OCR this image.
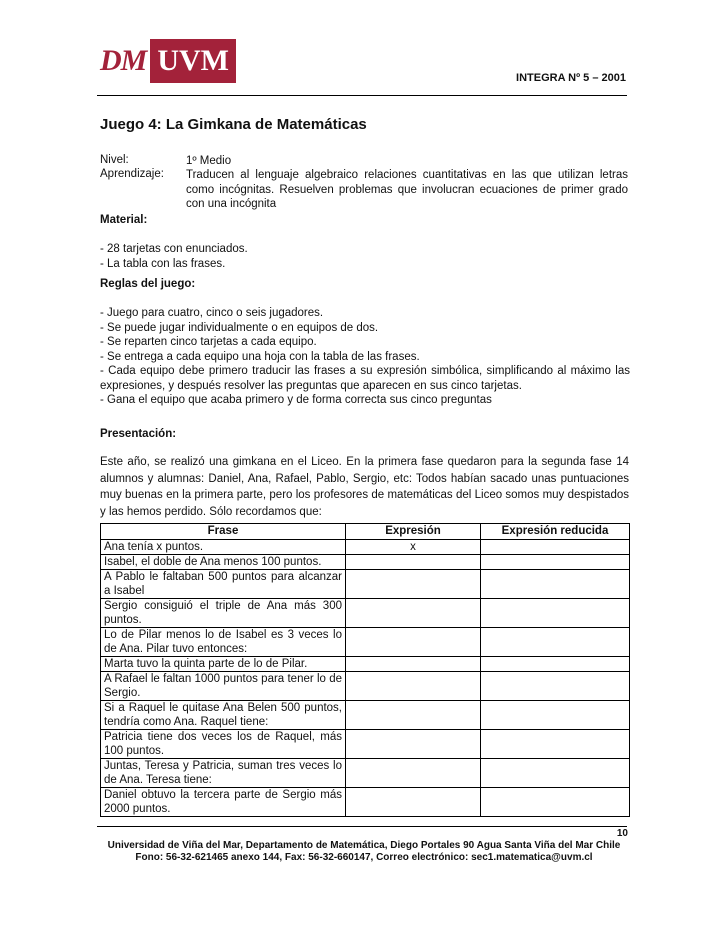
DM UVM
INTEGRA Nº 5 – 2001
Juego 4: La Gimkana de Matemáticas
Nivel:	1º Medio
Aprendizaje: Traducen al lenguaje algebraico relaciones cuantitativas en las que utilizan letras como incógnitas. Resuelven problemas que involucran ecuaciones de primer grado con una incógnita
Material:
- 28 tarjetas con enunciados.
- La tabla con las frases.
Reglas del juego:
- Juego para cuatro, cinco o seis jugadores.
- Se puede jugar individualmente o en equipos de dos.
- Se reparten cinco tarjetas a cada equipo.
- Se entrega a cada equipo una hoja con la tabla de las frases.
- Cada equipo debe primero traducir las frases a su expresión simbólica, simplificando al máximo las expresiones, y después resolver las preguntas que aparecen en sus cinco tarjetas.
- Gana el equipo que acaba primero y de forma correcta sus cinco preguntas
Presentación:

Este año, se realizó una gimkana en el Liceo. En la primera fase quedaron para la segunda fase 14 alumnos y alumnas: Daniel, Ana, Rafael, Pablo, Sergio, etc: Todos habían sacado unas puntuaciones muy buenas en la primera parte, pero los profesores de matemáticas del Liceo somos muy despistados y las hemos perdido. Sólo recordamos que:

Frase	Expresión	Expresión reducida
Ana tenía x puntos.	x	
Isabel, el doble de Ana menos 100 puntos.		
A Pablo le faltaban 500 puntos para alcanzar a Isabel		
Sergio consiguió el triple de Ana más 300 puntos.		
Lo de Pilar menos lo de Isabel es 3 veces lo de Ana. Pilar tuvo entonces:		
Marta tuvo la quinta parte de lo de Pilar.		
A Rafael le faltan 1000 puntos para tener lo de Sergio.		
Si a Raquel le quitase Ana Belen 500 puntos, tendría como Ana. Raquel tiene:		
Patricia tiene dos veces los de Raquel, más 100 puntos.		
Juntas, Teresa y Patricia, suman tres veces lo de Ana. Teresa tiene:		
Daniel obtuvo la tercera parte de Sergio más 2000 puntos.		
10
Universidad de Viña del Mar, Departamento de Matemática, Diego Portales 90 Agua Santa Viña del Mar Chile
Fono: 56-32-621465 anexo 144, Fax: 56-32-660147, Correo electrónico: sec1.matematica@uvm.cl
